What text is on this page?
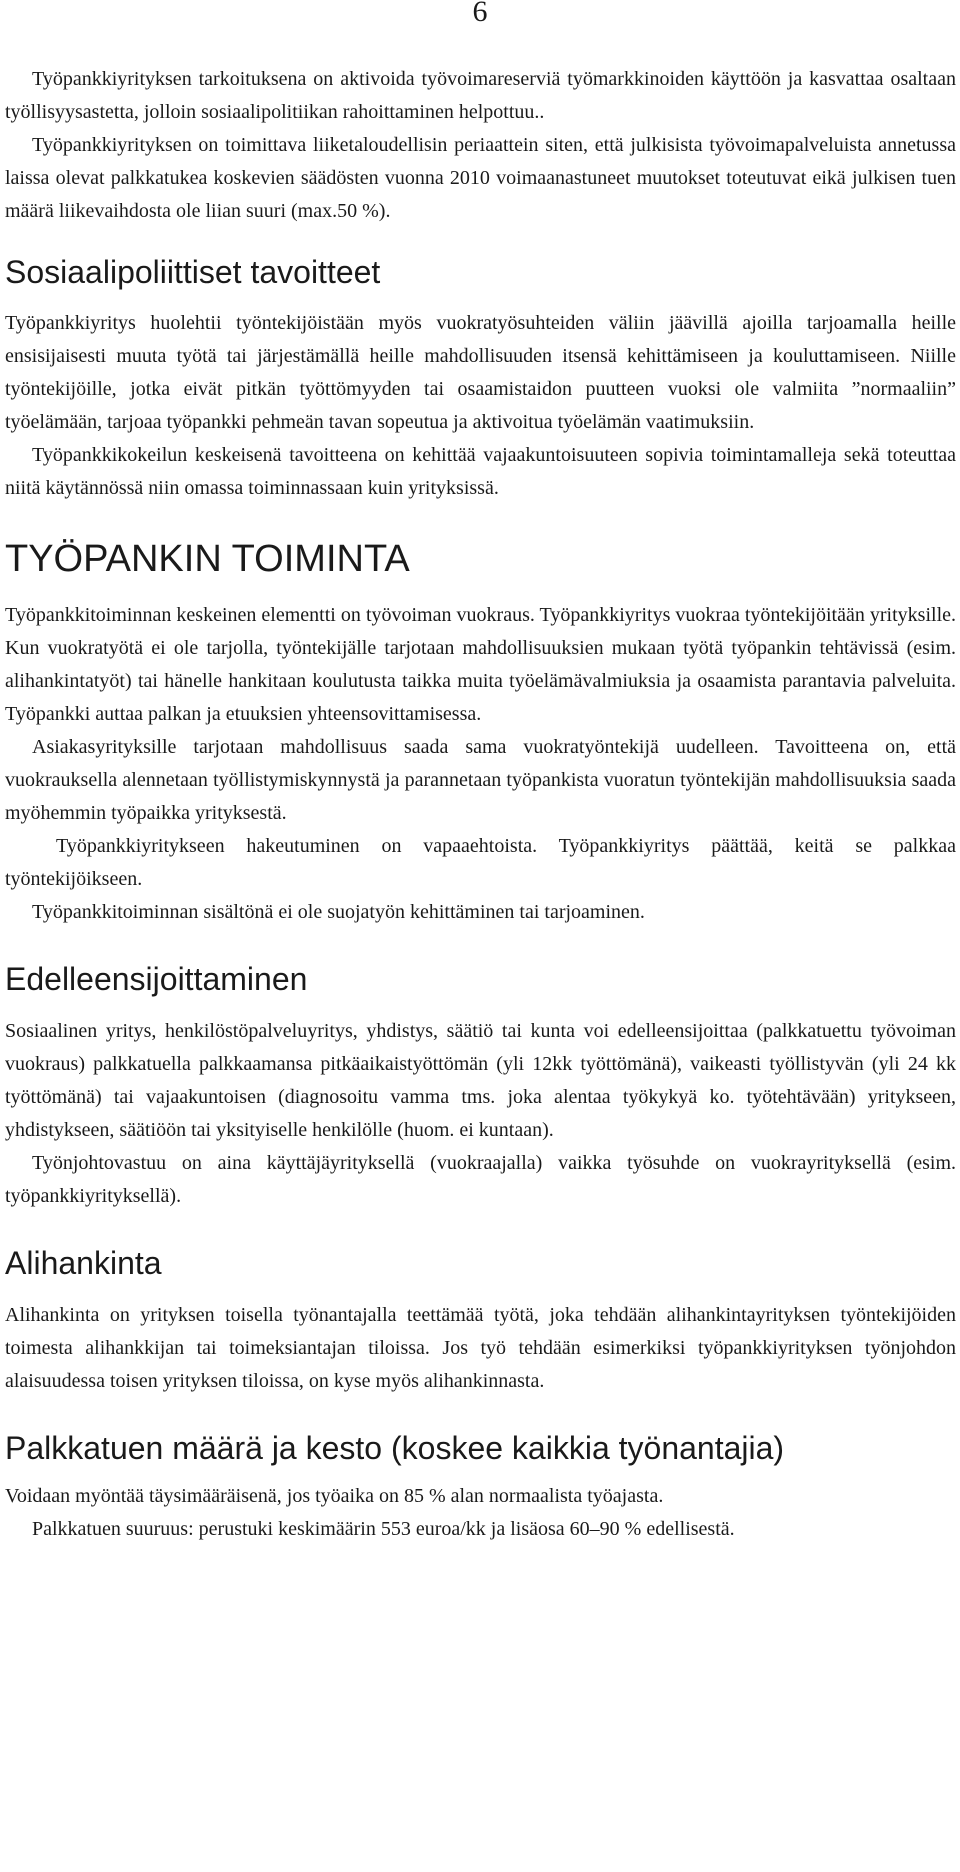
6

Työpankkiyrityksen tarkoituksena on aktivoida työvoimareserviä työmarkkinoiden käyttöön ja kasvattaa osaltaan työllisyysastetta, jolloin sosiaalipolitiikan rahoittaminen helpottuu..

Työpankkiyrityksen on toimittava liiketaloudellisin periaattein siten, että julkisista työvoimapalveluista annetussa laissa olevat palkkatukea koskevien säädösten vuonna 2010 voimaanastuneet muutokset toteutuvat eikä julkisen tuen määrä liikevaihdosta ole liian suuri (max.50 %).

Sosiaalipoliittiset tavoitteet

Työpankkiyritys huolehtii työntekijöistään myös vuokratyösuhteiden väliin jäävillä ajoilla tarjoamalla heille ensisijaisesti muuta työtä tai järjestämällä heille mahdollisuuden itsensä kehittämiseen ja kouluttamiseen. Niille työntekijöille, jotka eivät pitkän työttömyyden tai osaamistaidon puutteen vuoksi ole valmiita ”normaaliin” työelämään, tarjoaa työpankki pehmeän tavan sopeutua ja aktivoitua työelämän vaatimuksiin.

Työpankkikokeilun keskeisenä tavoitteena on kehittää vajaakuntoisuuteen sopivia toimintamalleja sekä toteuttaa niitä käytännössä niin omassa toiminnassaan kuin yrityksissä.

TYÖPANKIN TOIMINTA

Työpankkitoiminnan keskeinen elementti on työvoiman vuokraus. Työpankkiyritys vuokraa työntekijöitään yrityksille. Kun vuokratyötä ei ole tarjolla, työntekijälle tarjotaan mahdollisuuksien mukaan työtä työpankin tehtävissä (esim. alihankintatyöt) tai hänelle hankitaan koulutusta taikka muita työelämävalmiuksia ja osaamista parantavia palveluita. Työpankki auttaa palkan ja etuuksien yhteensovittamisessa.

Asiakasyrityksille tarjotaan mahdollisuus saada sama vuokratyöntekijä uudelleen. Tavoitteena on, että vuokrauksella alennetaan työllistymiskynnystä ja parannetaan työpankista vuoratun työntekijän mahdollisuuksia saada myöhemmin työpaikka yrityksestä.

Työpankkiyritykseen hakeutuminen on vapaaehtoista. Työpankkiyritys päättää, keitä se palkkaa työntekijöikseen.

Työpankkitoiminnan sisältönä ei ole suojatyön kehittäminen tai tarjoaminen.

Edelleensijoittaminen

Sosiaalinen yritys, henkilöstöpalveluyritys, yhdistys, säätiö tai kunta voi edelleensijoittaa (palkkatuettu työvoiman vuokraus) palkkatuella palkkaamansa pitkäaikaistyöttömän (yli 12kk työttömänä), vaikeasti työllistyvän (yli 24 kk työttömänä) tai vajaakuntoisen (diagnosoitu vamma tms. joka alentaa työkykyä ko. työtehtävään) yritykseen, yhdistykseen, säätiöön tai yksityiselle henkilölle (huom. ei kuntaan).

Työnjohtovastuu on aina käyttäjäyrityksellä (vuokraajalla) vaikka työsuhde on vuokrayrityksellä (esim. työpankkiyrityksellä).

Alihankinta

Alihankinta on yrityksen toisella työnantajalla teettämää työtä, joka tehdään alihankintayrityksen työntekijöiden toimesta alihankkijan tai toimeksiantajan tiloissa. Jos työ tehdään esimerkiksi työpankkiyrityksen työnjohdon alaisuudessa toisen yrityksen tiloissa, on kyse myös alihankinnasta.

Palkkatuen määrä ja kesto (koskee kaikkia työnantajia)

Voidaan myöntää täysimääräisenä, jos työaika on 85 % alan normaalista työajasta.

Palkkatuen suuruus: perustuki keskimäärin 553 euroa/kk ja lisäosa 60–90 % edellisestä.
